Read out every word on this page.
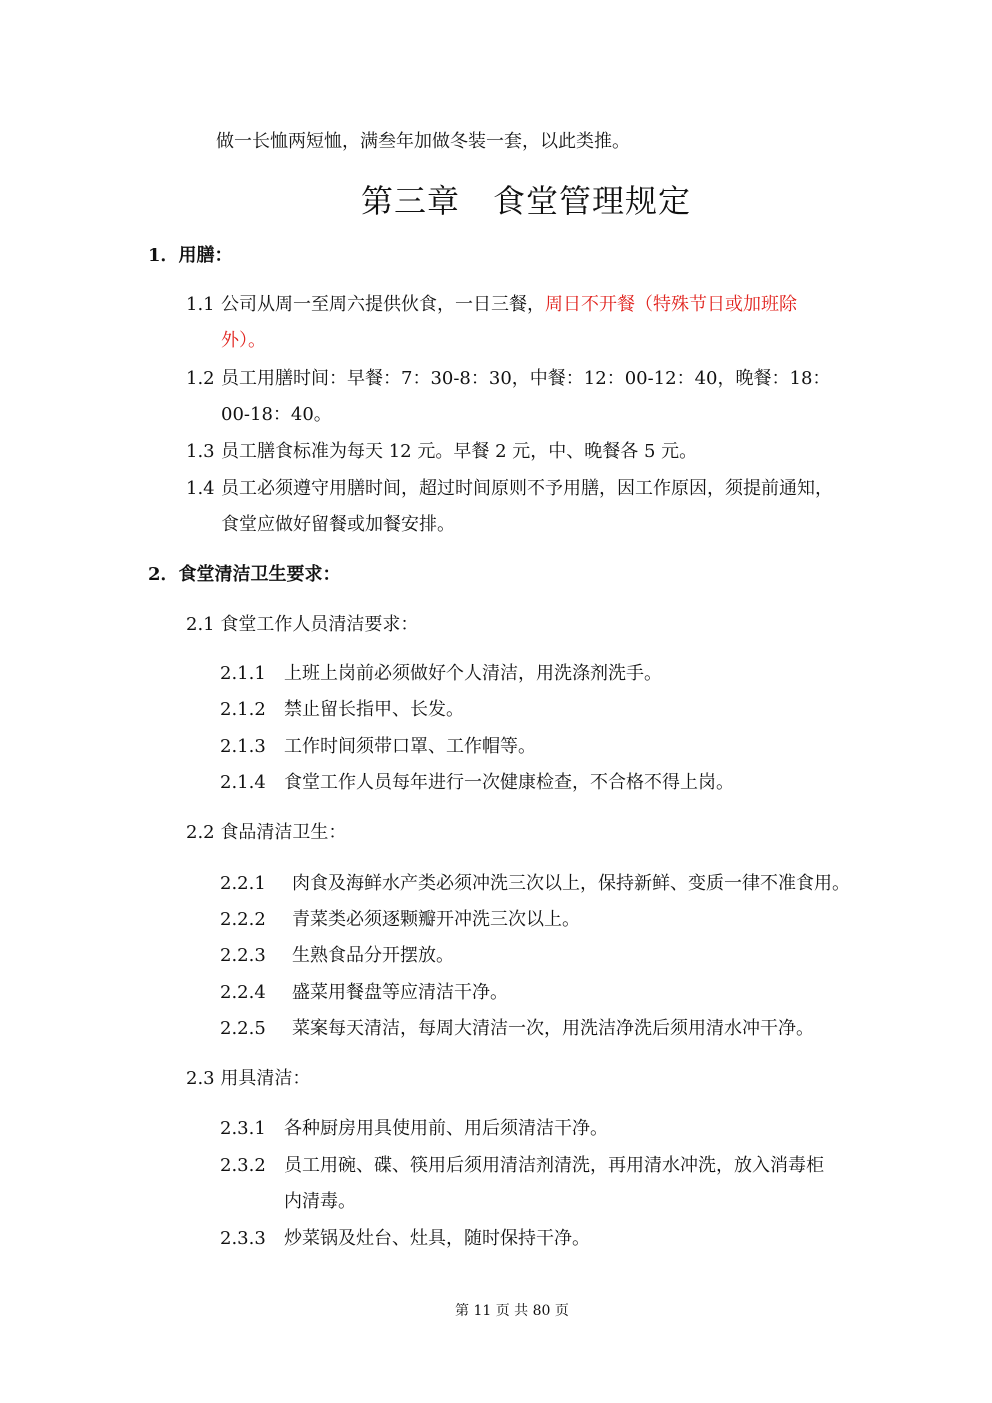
做一长恤两短恤，满叁年加做冬装一套，以此类推。
第三章 食堂管理规定
1．用膳：
1.1 公司从周一至周六提供伙食，一日三餐，周日不开餐（特殊节日或加班除
外）。
1.2 员工用膳时间：早餐：7：30-8：30，中餐：12：00-12：40，晚餐：18：
00-18：40。
1.3 员工膳食标准为每天 12 元。早餐 2 元，中、晚餐各 5 元。
1.4 员工必须遵守用膳时间，超过时间原则不予用膳，因工作原因，须提前通知，
食堂应做好留餐或加餐安排。
2．食堂清洁卫生要求：
2.1 食堂工作人员清洁要求：
2.1.1 上班上岗前必须做好个人清洁，用洗涤剂洗手。
2.1.2 禁止留长指甲、长发。
2.1.3 工作时间须带口罩、工作帽等。
2.1.4 食堂工作人员每年进行一次健康检查，不合格不得上岗。
2.2 食品清洁卫生：
2.2.1 肉食及海鲜水产类必须冲洗三次以上，保持新鲜、变质一律不准食用。
2.2.2 青菜类必须逐颗瓣开冲洗三次以上。
2.2.3 生熟食品分开摆放。
2.2.4 盛菜用餐盘等应清洁干净。
2.2.5 菜案每天清洁，每周大清洁一次，用洗洁净洗后须用清水冲干净。
2.3 用具清洁：
2.3.1 各种厨房用具使用前、用后须清洁干净。
2.3.2 员工用碗、碟、筷用后须用清洁剂清洗，再用清水冲洗，放入消毒柜
内清毒。
2.3.3 炒菜锅及灶台、灶具，随时保持干净。
第 11 页 共 80 页
